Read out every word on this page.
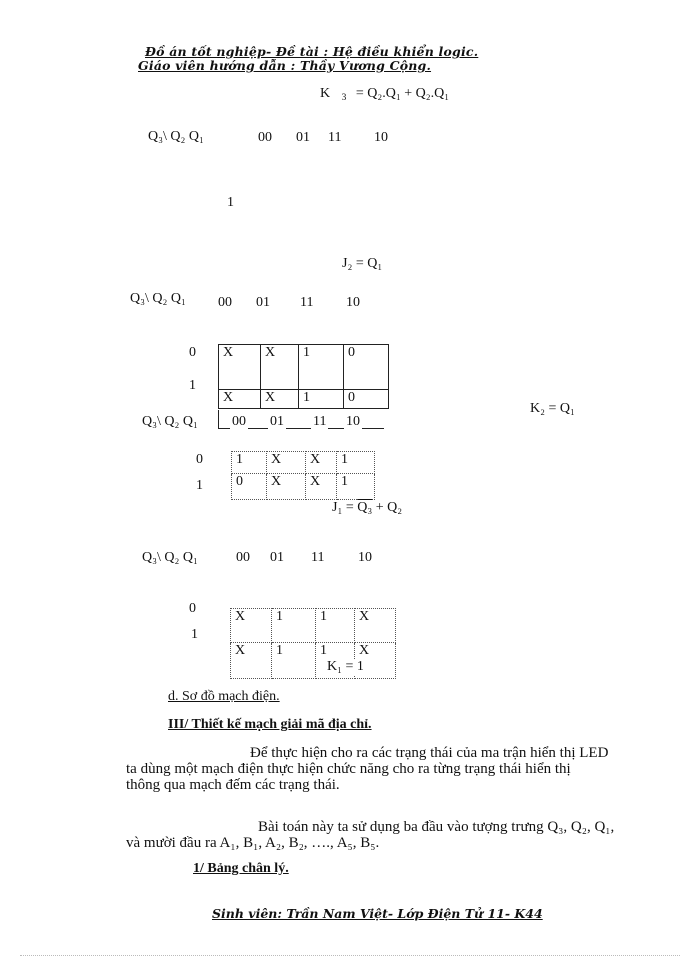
Đồ án tốt nghiệp- Đề tài : Hệ điều khiển logic.
Giáo viên hướng dẫn : Thầy Vương Cộng.
K $_3$ = Q₂.Q₁ + Q₂.Q₁
Q₃\ Q₂ Q₁	00 01 11 10
1
J₂ = Q₁
Q₃\ Q₂ Q₁ 00 01 11 10
0
1
X	X	1	0
X	X	1	0
K₂ = Q₁
Q₃\ Q₂ Q₁ 00 01 11 10
0
1
1	X	X	1
0	X	X	1
J₁ = Q₃ + Q₂
Q₃\ Q₂ Q₁	00 01 11 10
0
1
X	1	1	X
X	1	1	X
K₁ = 1
d. Sơ đồ mạch điện.
III/ Thiết kế mạch giải mã địa chỉ.
Để thực hiện cho ra các trạng thái của ma trận hiển thị LED
ta dùng một mạch điện thực hiện chức năng cho ra từng trạng thái hiển thị
thông qua mạch đếm các trạng thái.
Bài toán này ta sử dụng ba đầu vào tượng trưng Q₃, Q₂, Q₁,
và mười đầu ra A₁, B₁, A₂, B₂, …., A₅, B₅.
1/ Bảng chân lý.
Sinh viên: Trần Nam Việt- Lớp Điện Tử 11- K44
